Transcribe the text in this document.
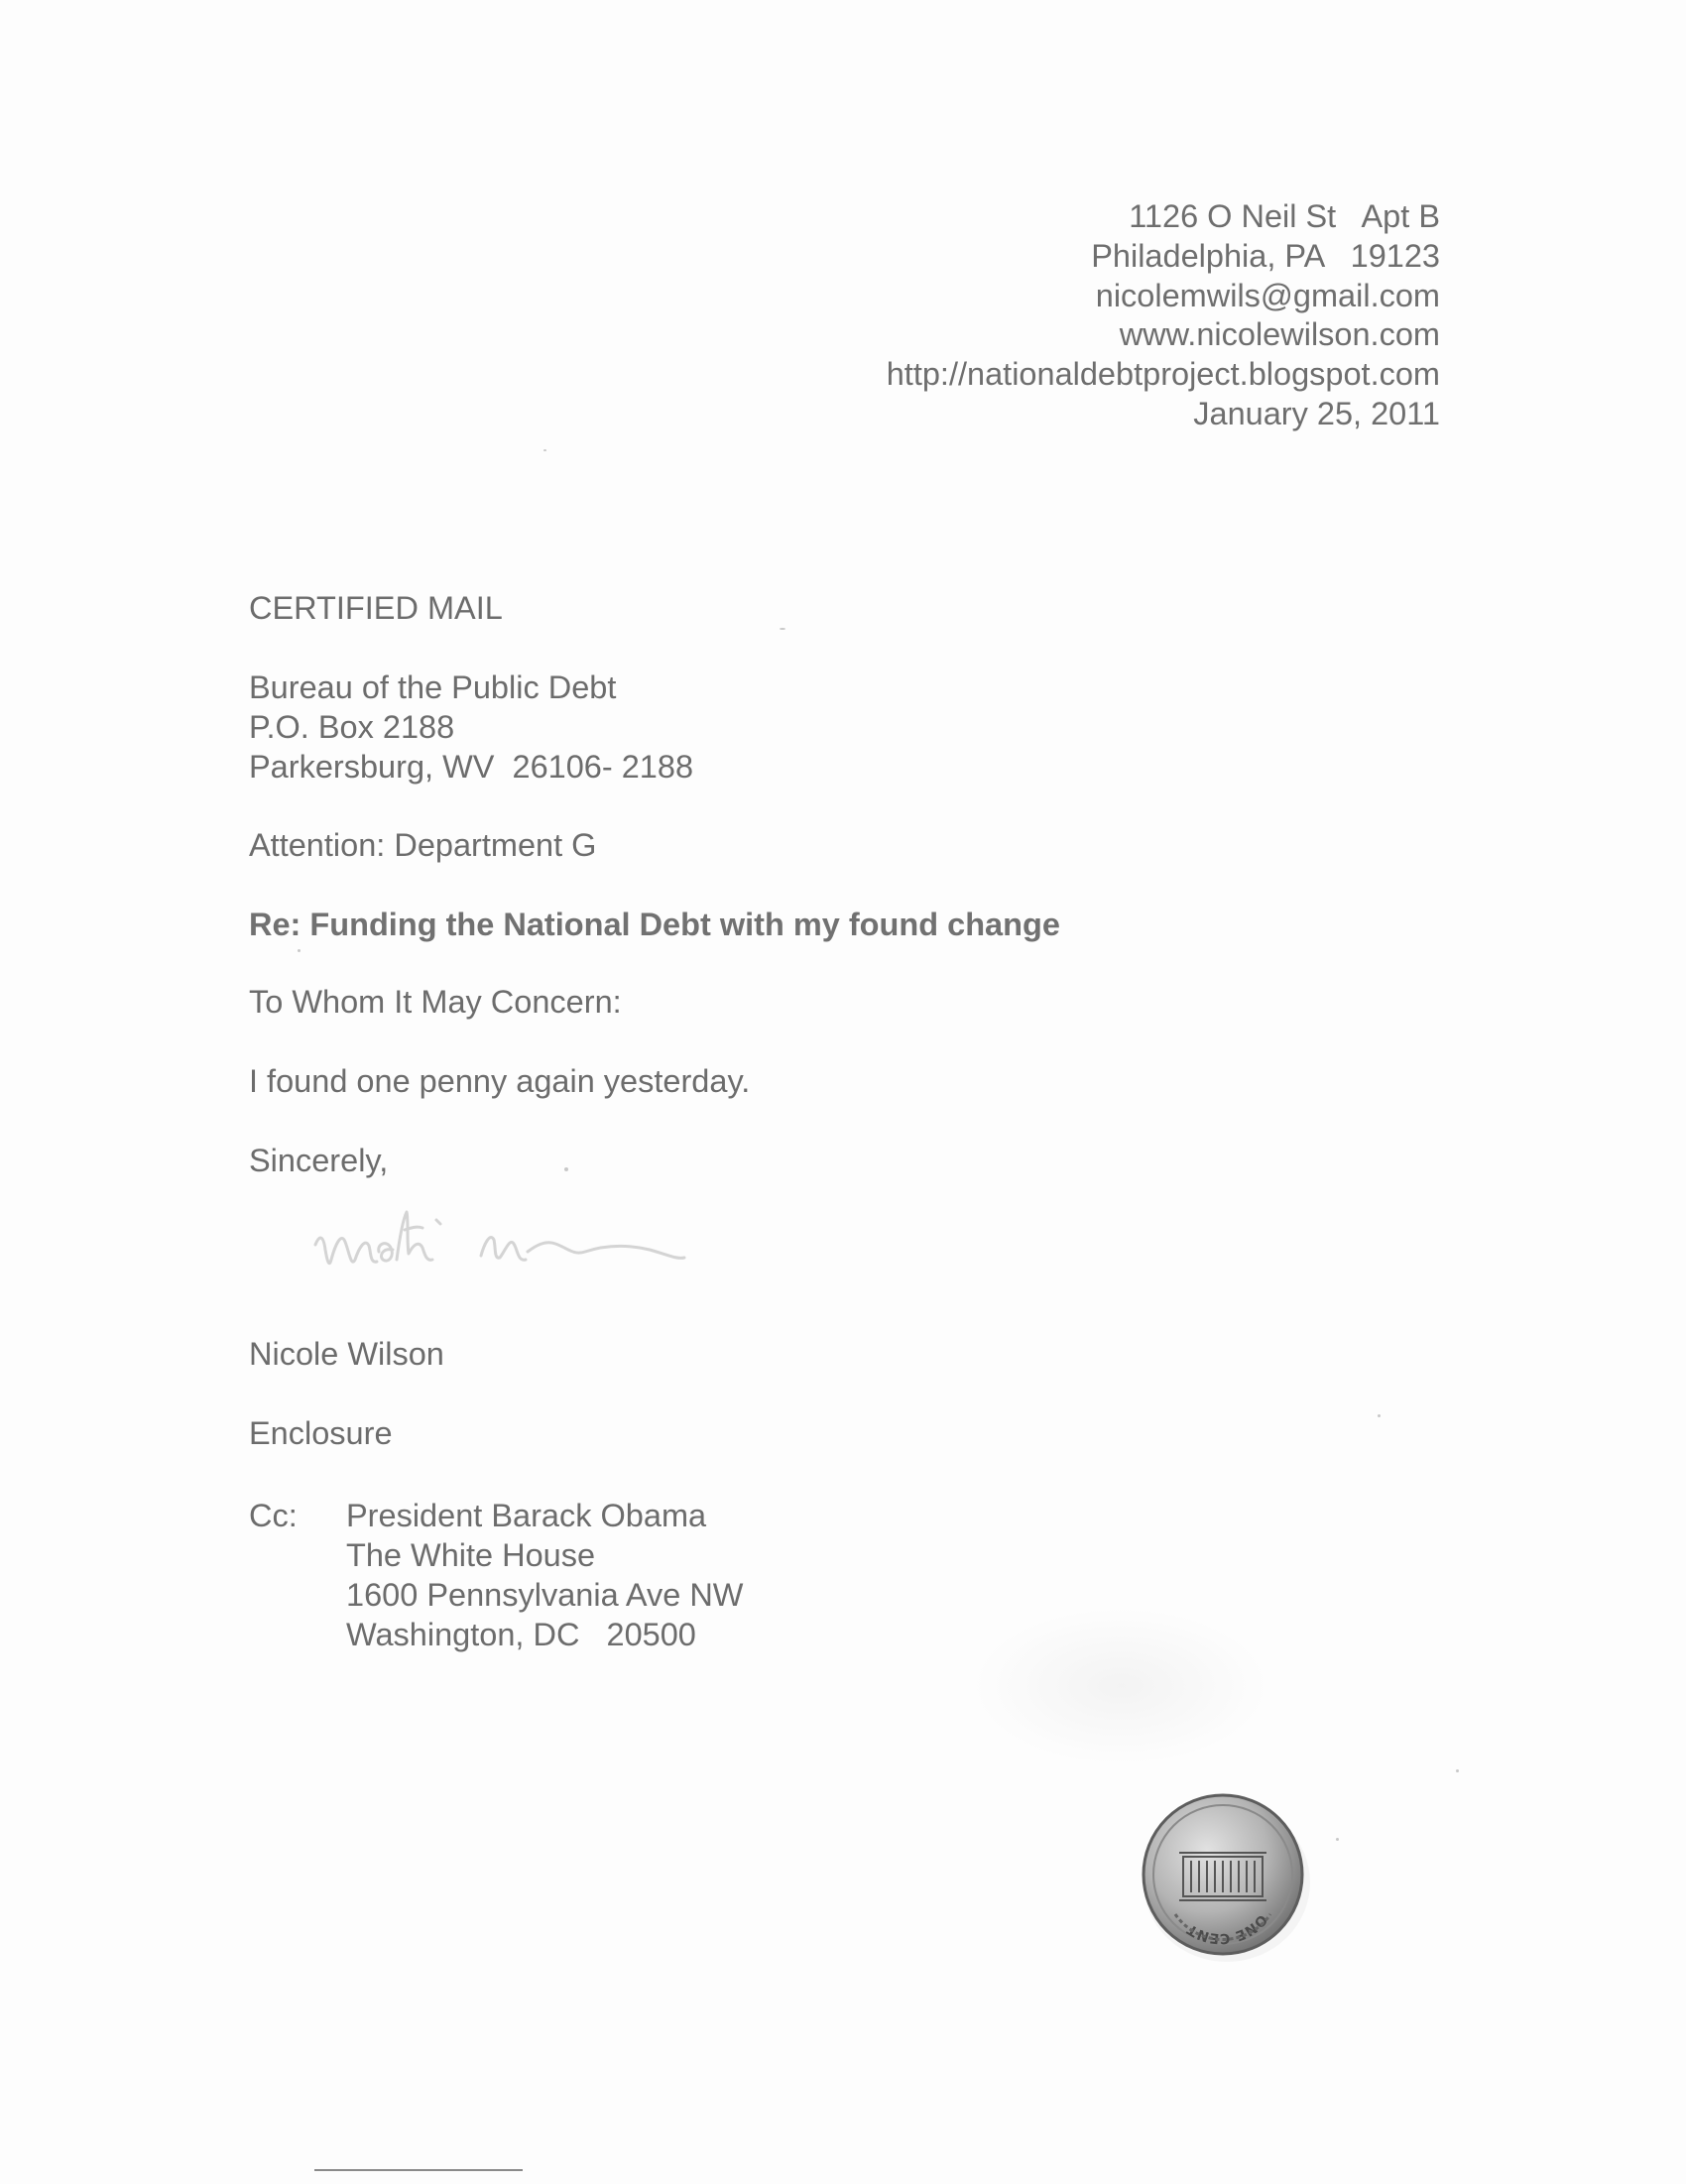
1126 O Neil St   Apt B
Philadelphia, PA   19123
nicolemwils@gmail.com
www.nicolewilson.com
http://nationaldebtproject.blogspot.com
January 25, 2011
CERTIFIED MAIL
Bureau of the Public Debt
P.O. Box 2188
Parkersburg, WV  26106- 2188
Attention: Department G
Re: Funding the National Debt with my found change
To Whom It May Concern:
I found one penny again yesterday.
Sincerely,
Nicole Wilson
Enclosure
Cc: President Barack Obama
The White House
1600 Pennsylvania Ave NW
Washington, DC   20500
ONE CENT
